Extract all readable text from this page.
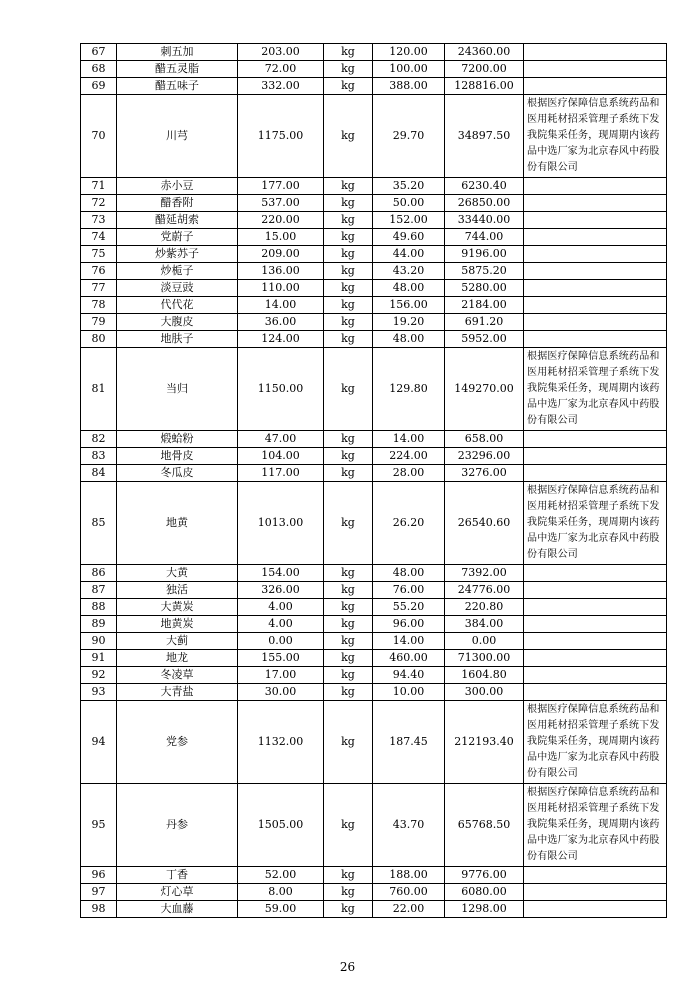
67	刺五加	203.00	kg	120.00	24360.00	
68	醋五灵脂	72.00	kg	100.00	7200.00	
69	醋五味子	332.00	kg	388.00	128816.00	
70	川芎	1175.00	kg	29.70	34897.50	根据医疗保障信息系统药品和医用耗材招采管理子系统下发我院集采任务，现周期内该药品中选厂家为北京春风中药股份有限公司
71	赤小豆	177.00	kg	35.20	6230.40	
72	醋香附	537.00	kg	50.00	26850.00	
73	醋延胡索	220.00	kg	152.00	33440.00	
74	党蔚子	15.00	kg	49.60	744.00	
75	炒紫苏子	209.00	kg	44.00	9196.00	
76	炒栀子	136.00	kg	43.20	5875.20	
77	淡豆豉	110.00	kg	48.00	5280.00	
78	代代花	14.00	kg	156.00	2184.00	
79	大腹皮	36.00	kg	19.20	691.20	
80	地肤子	124.00	kg	48.00	5952.00	
81	当归	1150.00	kg	129.80	149270.00	根据医疗保障信息系统药品和医用耗材招采管理子系统下发我院集采任务，现周期内该药品中选厂家为北京春风中药股份有限公司
82	煅蛤粉	47.00	kg	14.00	658.00	
83	地骨皮	104.00	kg	224.00	23296.00	
84	冬瓜皮	117.00	kg	28.00	3276.00	
85	地黄	1013.00	kg	26.20	26540.60	根据医疗保障信息系统药品和医用耗材招采管理子系统下发我院集采任务，现周期内该药品中选厂家为北京春风中药股份有限公司
86	大黄	154.00	kg	48.00	7392.00	
87	独活	326.00	kg	76.00	24776.00	
88	大黄炭	4.00	kg	55.20	220.80	
89	地黄炭	4.00	kg	96.00	384.00	
90	大蓟	0.00	kg	14.00	0.00	
91	地龙	155.00	kg	460.00	71300.00	
92	冬凌草	17.00	kg	94.40	1604.80	
93	大青盐	30.00	kg	10.00	300.00	
94	党参	1132.00	kg	187.45	212193.40	根据医疗保障信息系统药品和医用耗材招采管理子系统下发我院集采任务，现周期内该药品中选厂家为北京春风中药股份有限公司
95	丹参	1505.00	kg	43.70	65768.50	根据医疗保障信息系统药品和医用耗材招采管理子系统下发我院集采任务，现周期内该药品中选厂家为北京春风中药股份有限公司
96	丁香	52.00	kg	188.00	9776.00	
97	灯心草	8.00	kg	760.00	6080.00	
98	大血藤	59.00	kg	22.00	1298.00	
26
